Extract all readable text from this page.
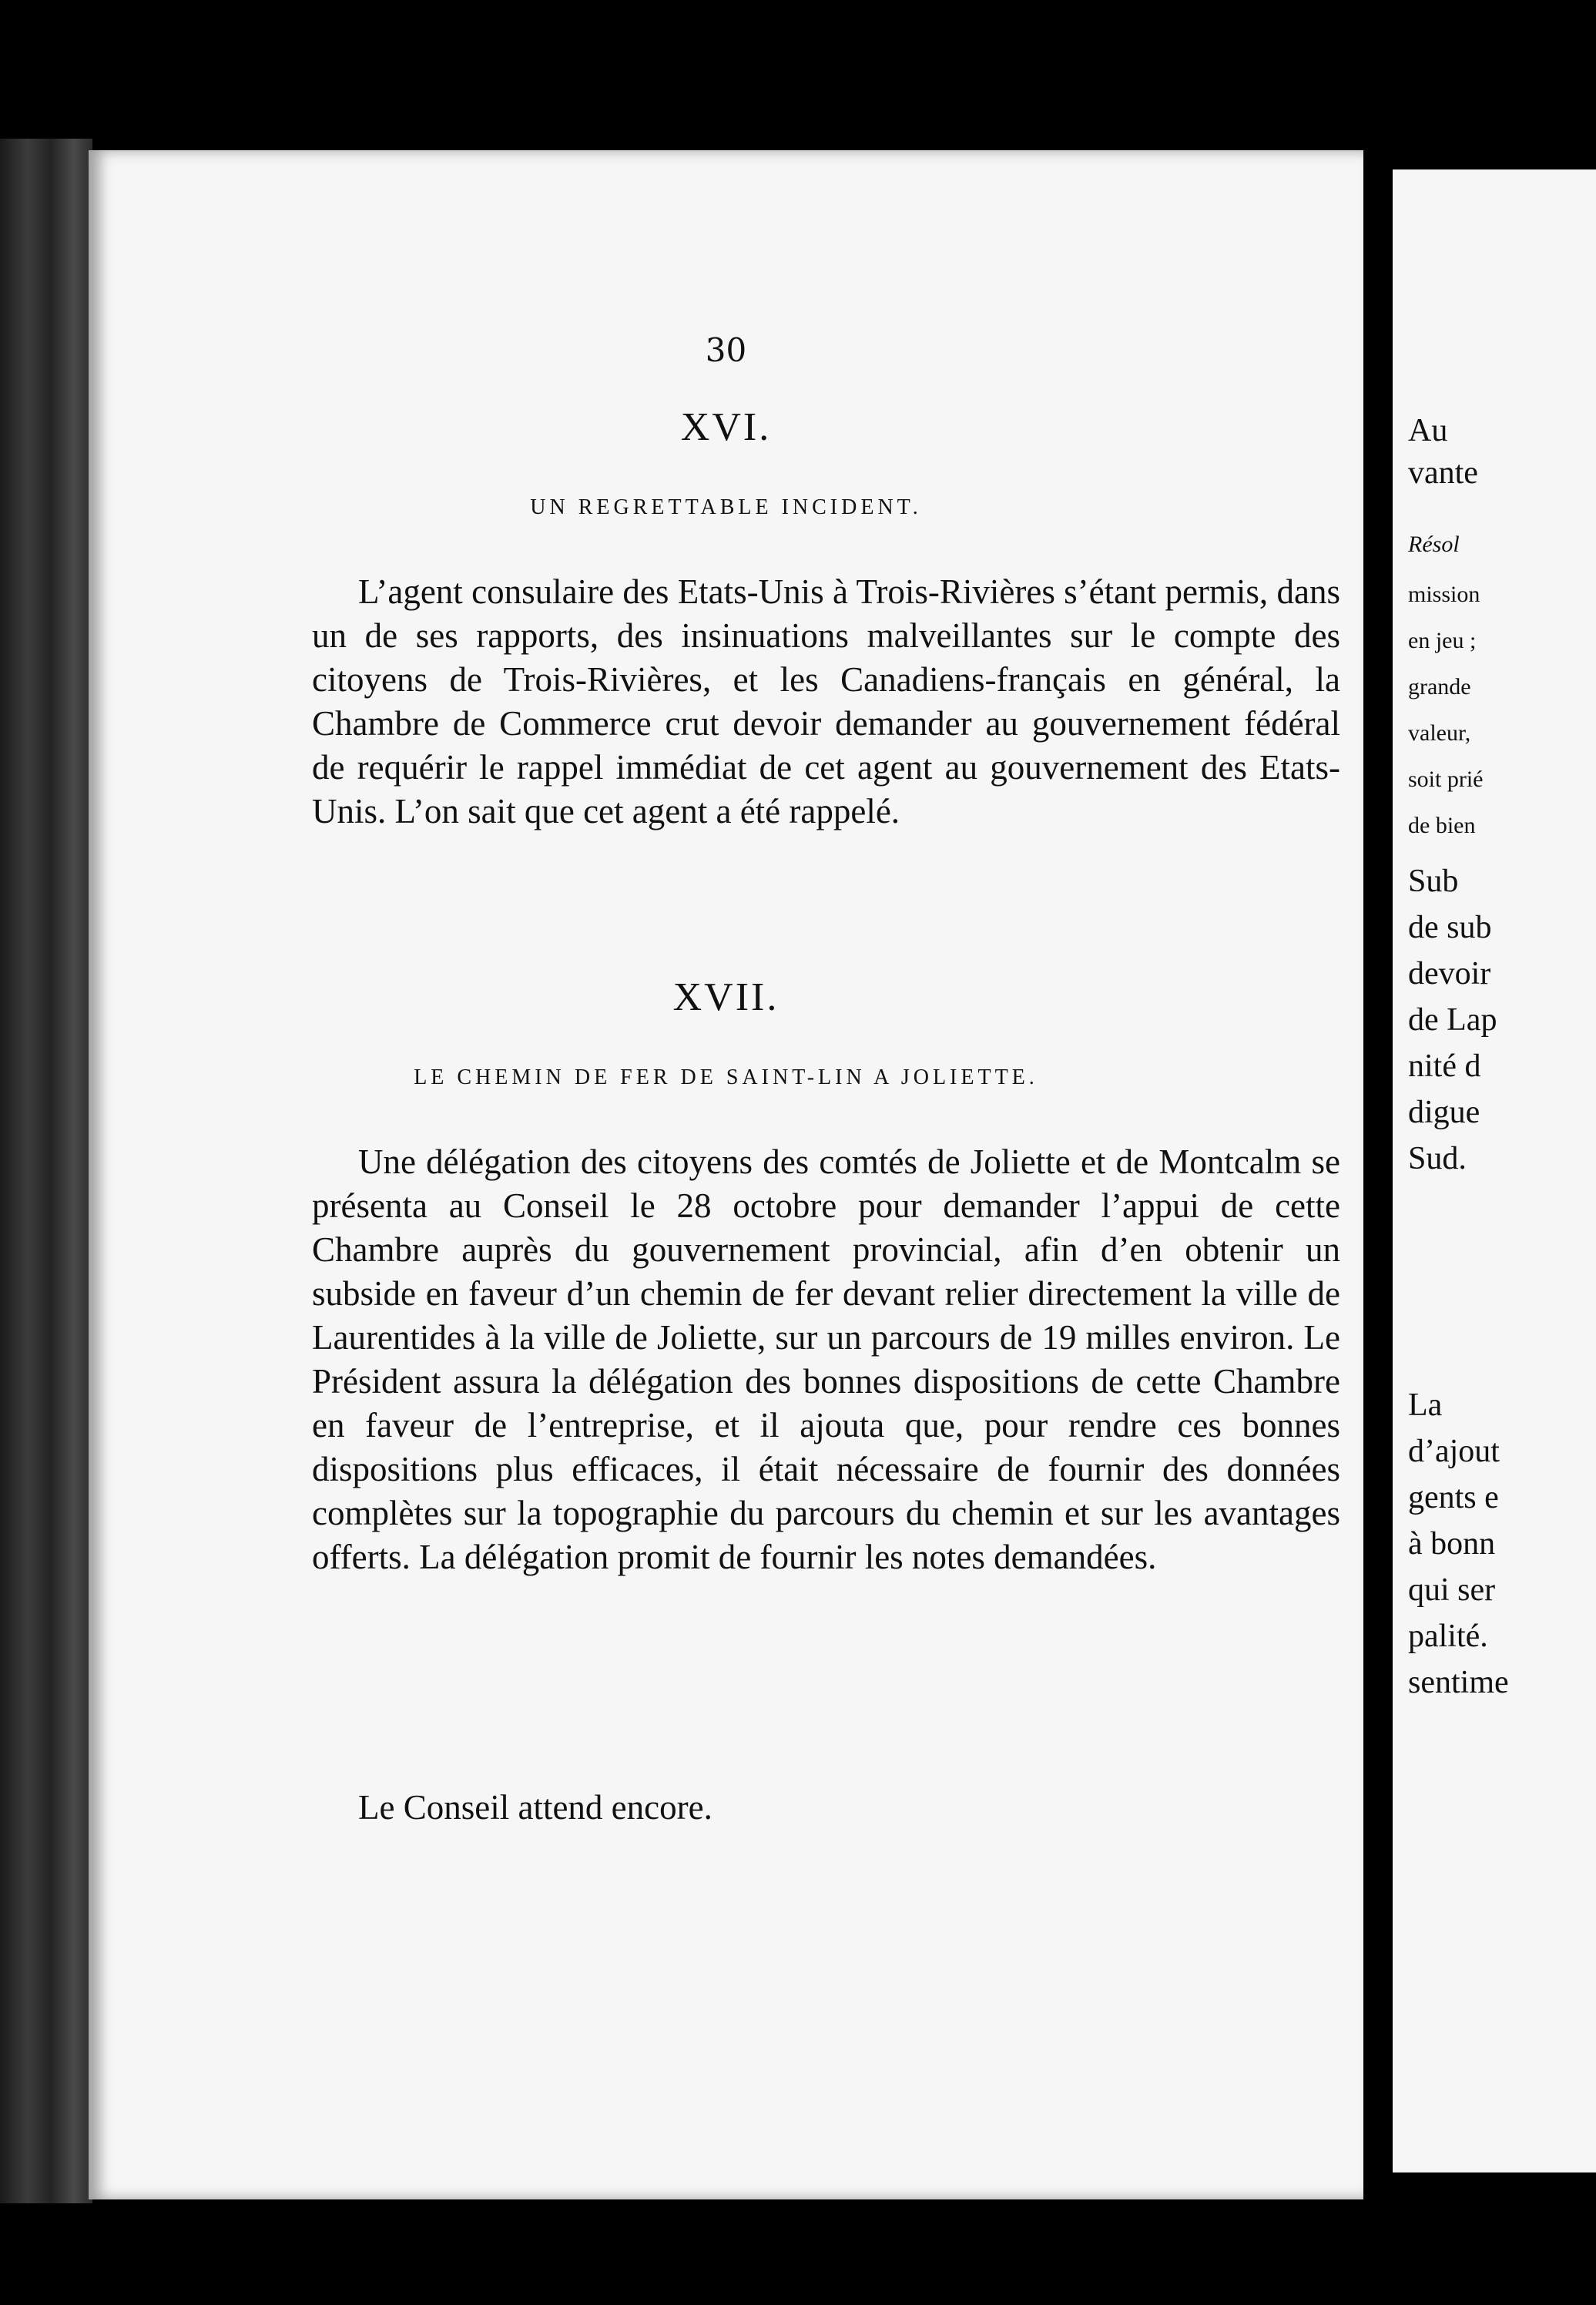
30
XVI.
UN REGRETTABLE INCIDENT.

L’agent consulaire des Etats-Unis à Trois-Rivières s’étant permis, dans un de ses rapports, des insinuations malveillantes sur le compte des citoyens de Trois-Rivières, et les Canadiens-français en général, la Chambre de Commerce crut devoir demander au gouvernement fédéral de requérir le rappel immédiat de cet agent au gouvernement des Etats-Unis. L’on sait que cet agent a été rappelé.

XVII.
LE CHEMIN DE FER DE SAINT-LIN A JOLIETTE.

Une délégation des citoyens des comtés de Joliette et de Montcalm se présenta au Conseil le 28 octobre pour demander l’appui de cette Chambre auprès du gouvernement provincial, afin d’en obtenir un subside en faveur d’un chemin de fer devant relier directement la ville de Laurentides à la ville de Joliette, sur un parcours de 19 milles environ. Le Président assura la délégation des bonnes dispositions de cette Chambre en faveur de l’entreprise, et il ajouta que, pour rendre ces bonnes dispositions plus efficaces, il était nécessaire de fournir des données complètes sur la topographie du parcours du chemin et sur les avantages offerts. La délégation promit de fournir les notes demandées.

Le Conseil attend encore.
Au
vante
Résol
mission
en jeu ;
grande
valeur,
soit prié
de bien
Sub
de sub
devoir
de Lap
nité d
digue
Sud.
La
d’ajout
gents e
à bonn
qui ser
palité.
sentime
